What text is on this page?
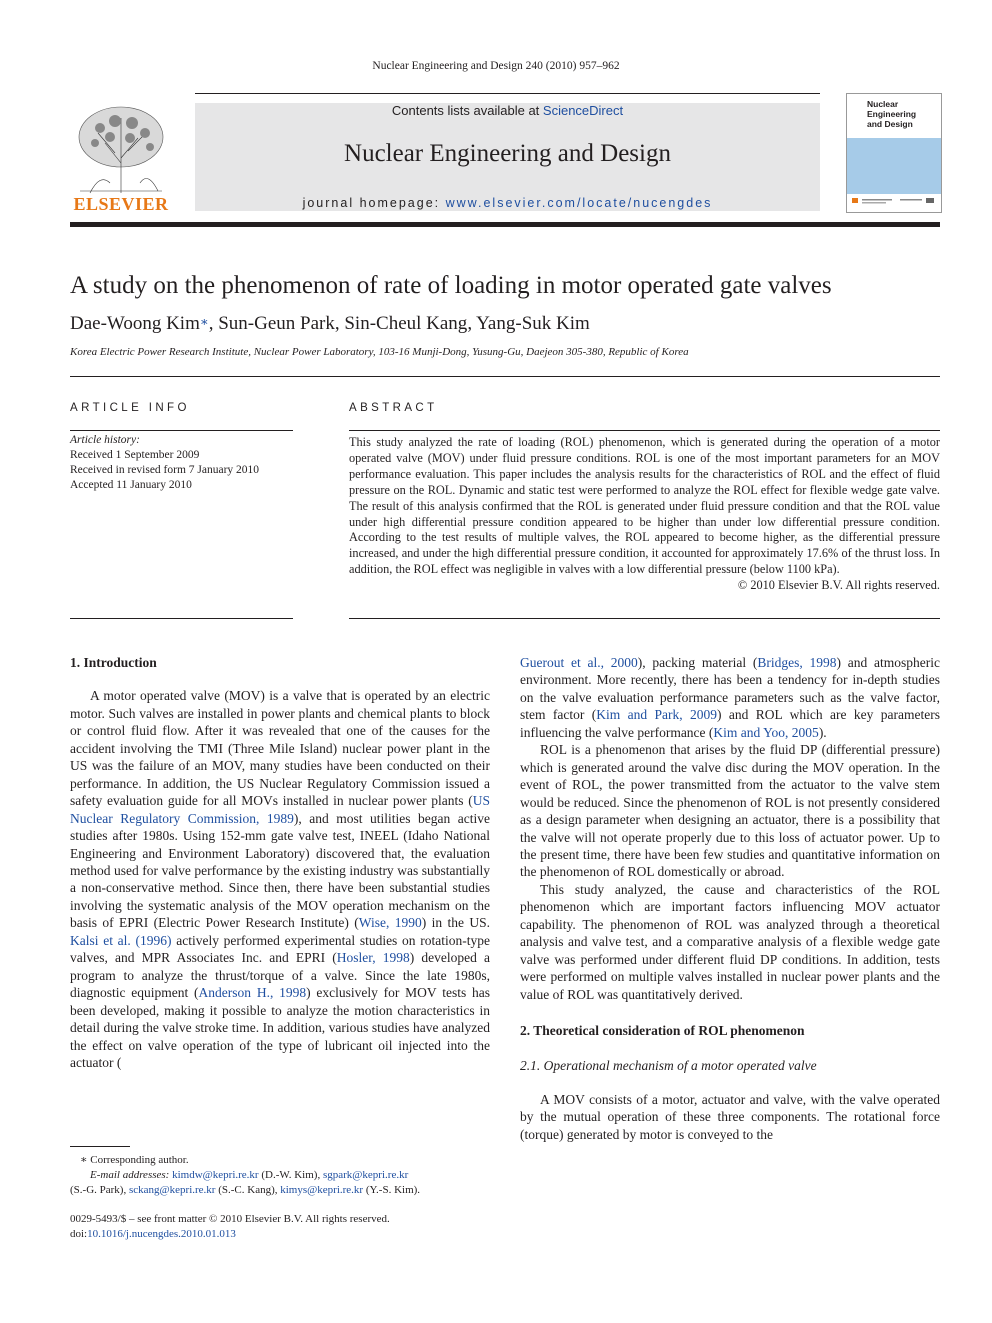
Nuclear Engineering and Design 240 (2010) 957–962
ELSEVIER
Contents lists available at ScienceDirect
Nuclear Engineering and Design
journal homepage: www.elsevier.com/locate/nucengdes
Nuclear Engineering
and Design
A study on the phenomenon of rate of loading in motor operated gate valves
Dae-Woong Kim∗, Sun-Geun Park, Sin-Cheul Kang, Yang-Suk Kim
Korea Electric Power Research Institute, Nuclear Power Laboratory, 103-16 Munji-Dong, Yusung-Gu, Daejeon 305-380, Republic of Korea
ARTICLE INFO
Article history:
Received 1 September 2009
Received in revised form 7 January 2010
Accepted 11 January 2010
ABSTRACT
This study analyzed the rate of loading (ROL) phenomenon, which is generated during the operation of a motor operated valve (MOV) under fluid pressure conditions. ROL is one of the most important parameters for an MOV performance evaluation. This paper includes the analysis results for the characteristics of ROL and the effect of fluid pressure on the ROL. Dynamic and static test were performed to analyze the ROL effect for flexible wedge gate valve. The result of this analysis confirmed that the ROL is generated under fluid pressure condition and that the ROL value under high differential pressure condition appeared to be higher than under low differential pressure condition. According to the test results of multiple valves, the ROL appeared to become higher, as the differential pressure increased, and under the high differential pressure condition, it accounted for approximately 17.6% of the thrust loss. In addition, the ROL effect was negligible in valves with a low differential pressure (below 1100 kPa).
© 2010 Elsevier B.V. All rights reserved.
1. Introduction

A motor operated valve (MOV) is a valve that is operated by an electric motor. Such valves are installed in power plants and chemical plants to block or control fluid flow. After it was revealed that one of the causes for the accident involving the TMI (Three Mile Island) nuclear power plant in the US was the failure of an MOV, many studies have been conducted on their performance. In addition, the US Nuclear Regulatory Commission issued a safety evaluation guide for all MOVs installed in nuclear power plants (US Nuclear Regulatory Commission, 1989), and most utilities began active studies after 1980s. Using 152-mm gate valve test, INEEL (Idaho National Engineering and Environment Laboratory) discovered that, the evaluation method used for valve performance by the existing industry was substantially a non-conservative method. Since then, there have been substantial studies involving the systematic analysis of the MOV operation mechanism on the basis of EPRI (Electric Power Research Institute) (Wise, 1990) in the US. Kalsi et al. (1996) actively performed experimental studies on rotation-type valves, and MPR Associates Inc. and EPRI (Hosler, 1998) developed a program to analyze the thrust/torque of a valve. Since the late 1980s, diagnostic equipment (Anderson H., 1998) exclusively for MOV tests has been developed, making it possible to analyze the motion characteristics in detail during the valve stroke time. In addition, various studies have analyzed the effect on valve operation of the type of lubricant oil injected into the actuator (

Guerout et al., 2000), packing material (Bridges, 1998) and atmospheric environment. More recently, there has been a tendency for in-depth studies on the valve evaluation performance parameters such as the valve factor, stem factor (Kim and Park, 2009) and ROL which are key parameters influencing the valve performance (Kim and Yoo, 2005).

ROL is a phenomenon that arises by the fluid DP (differential pressure) which is generated around the valve disc during the MOV operation. In the event of ROL, the power transmitted from the actuator to the valve stem would be reduced. Since the phenomenon of ROL is not presently considered as a design parameter when designing an actuator, there is a possibility that the valve will not operate properly due to this loss of actuator power. Up to the present time, there have been few studies and quantitative information on the phenomenon of ROL domestically or abroad.

This study analyzed, the cause and characteristics of the ROL phenomenon which are important factors influencing MOV actuator capability. The phenomenon of ROL was analyzed through a theoretical analysis and valve test, and a comparative analysis of a flexible wedge gate valve was performed under different fluid DP conditions. In addition, tests were performed on multiple valves installed in nuclear power plants and the value of ROL was quantitatively derived.

2. Theoretical consideration of ROL phenomenon
2.1. Operational mechanism of a motor operated valve

A MOV consists of a motor, actuator and valve, with the valve operated by the mutual operation of these three components. The rotational force (torque) generated by motor is conveyed to the

∗ Corresponding author.
E-mail addresses: kimdw@kepri.re.kr (D.-W. Kim), sgpark@kepri.re.kr
(S.-G. Park), sckang@kepri.re.kr (S.-C. Kang), kimys@kepri.re.kr (Y.-S. Kim).
0029-5493/$ – see front matter © 2010 Elsevier B.V. All rights reserved.
doi:10.1016/j.nucengdes.2010.01.013
